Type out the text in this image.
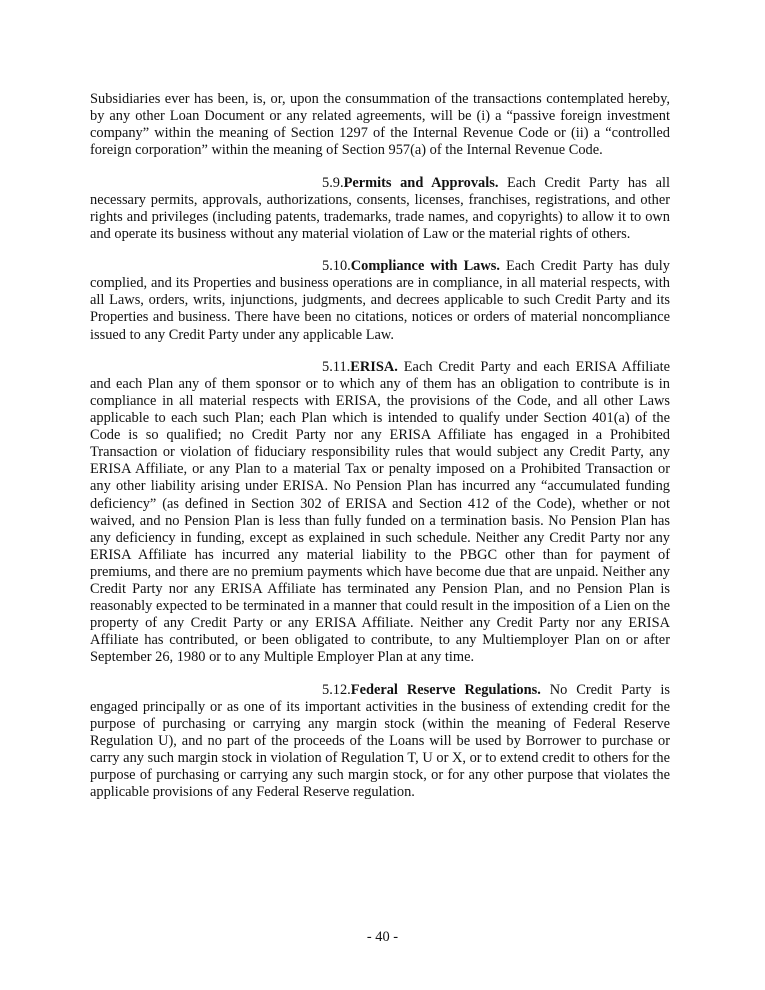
Subsidiaries ever has been, is, or, upon the consummation of the transactions contemplated hereby, by any other Loan Document or any related agreements, will be (i) a “passive foreign investment company” within the meaning of Section 1297 of the Internal Revenue Code or (ii) a “controlled foreign corporation” within the meaning of Section 957(a) of the Internal Revenue Code.

5.9.Permits and Approvals. Each Credit Party has all necessary permits, approvals, authorizations, consents, licenses, franchises, registrations, and other rights and privileges (including patents, trademarks, trade names, and copyrights) to allow it to own and operate its business without any material violation of Law or the material rights of others.

5.10.Compliance with Laws. Each Credit Party has duly complied, and its Properties and business operations are in compliance, in all material respects, with all Laws, orders, writs, injunctions, judgments, and decrees applicable to such Credit Party and its Properties and business. There have been no citations, notices or orders of material noncompliance issued to any Credit Party under any applicable Law.

5.11.ERISA. Each Credit Party and each ERISA Affiliate and each Plan any of them sponsor or to which any of them has an obligation to contribute is in compliance in all material respects with ERISA, the provisions of the Code, and all other Laws applicable to each such Plan; each Plan which is intended to qualify under Section 401(a) of the Code is so qualified; no Credit Party nor any ERISA Affiliate has engaged in a Prohibited Transaction or violation of fiduciary responsibility rules that would subject any Credit Party, any ERISA Affiliate, or any Plan to a material Tax or penalty imposed on a Prohibited Transaction or any other liability arising under ERISA. No Pension Plan has incurred any “accumulated funding deficiency” (as defined in Section 302 of ERISA and Section 412 of the Code), whether or not waived, and no Pension Plan is less than fully funded on a termination basis. No Pension Plan has any deficiency in funding, except as explained in such schedule. Neither any Credit Party nor any ERISA Affiliate has incurred any material liability to the PBGC other than for payment of premiums, and there are no premium payments which have become due that are unpaid. Neither any Credit Party nor any ERISA Affiliate has terminated any Pension Plan, and no Pension Plan is reasonably expected to be terminated in a manner that could result in the imposition of a Lien on the property of any Credit Party or any ERISA Affiliate. Neither any Credit Party nor any ERISA Affiliate has contributed, or been obligated to contribute, to any Multiemployer Plan on or after September 26, 1980 or to any Multiple Employer Plan at any time.

5.12.Federal Reserve Regulations. No Credit Party is engaged principally or as one of its important activities in the business of extending credit for the purpose of purchasing or carrying any margin stock (within the meaning of Federal Reserve Regulation U), and no part of the proceeds of the Loans will be used by Borrower to purchase or carry any such margin stock in violation of Regulation T, U or X, or to extend credit to others for the purpose of purchasing or carrying any such margin stock, or for any other purpose that violates the applicable provisions of any Federal Reserve regulation.

- 40 -
